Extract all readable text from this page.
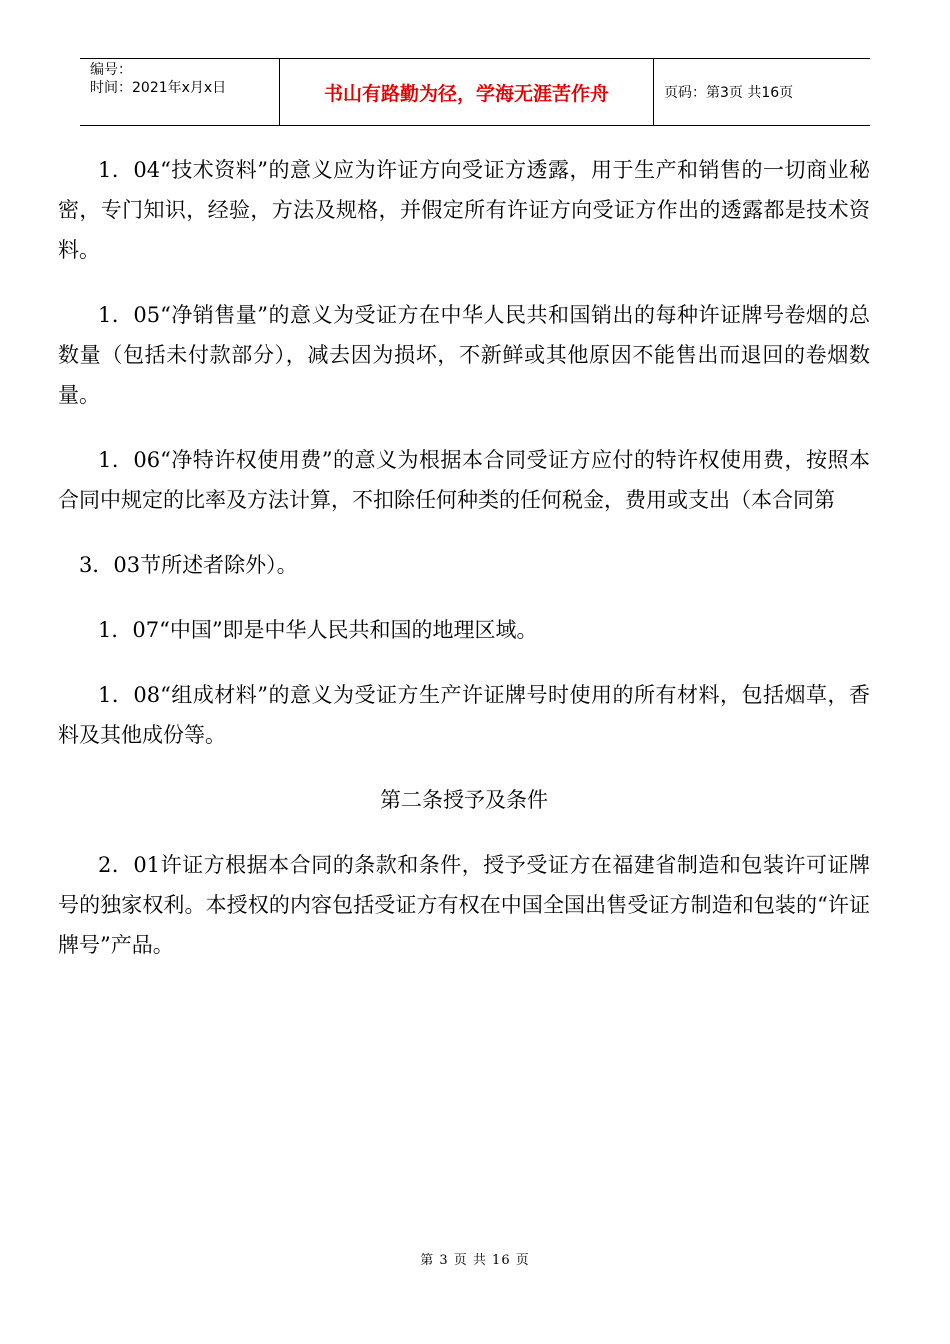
编号：
时间：2021年x月x日	书山有路勤为径，学海无涯苦作舟	页码：第3页 共16页

1．04“技术资料”的意义应为许证方向受证方透露，用于生产和销售的一切商业秘密，专门知识，经验，方法及规格，并假定所有许证方向受证方作出的透露都是技术资料。

1．05“净销售量”的意义为受证方在中华人民共和国销出的每种许证牌号卷烟的总数量（包括未付款部分），减去因为损坏，不新鲜或其他原因不能售出而退回的卷烟数量。

1．06“净特许权使用费”的意义为根据本合同受证方应付的特许权使用费，按照本合同中规定的比率及方法计算，不扣除任何种类的任何税金，费用或支出（本合同第

3．03节所述者除外）。

1．07“中国”即是中华人民共和国的地理区域。

1．08“组成材料”的意义为受证方生产许证牌号时使用的所有材料，包括烟草，香料及其他成份等。

第二条授予及条件

2．01许证方根据本合同的条款和条件，授予受证方在福建省制造和包装许可证牌号的独家权利。本授权的内容包括受证方有权在中国全国出售受证方制造和包装的“许证牌号”产品。

第 3 页 共 16 页
